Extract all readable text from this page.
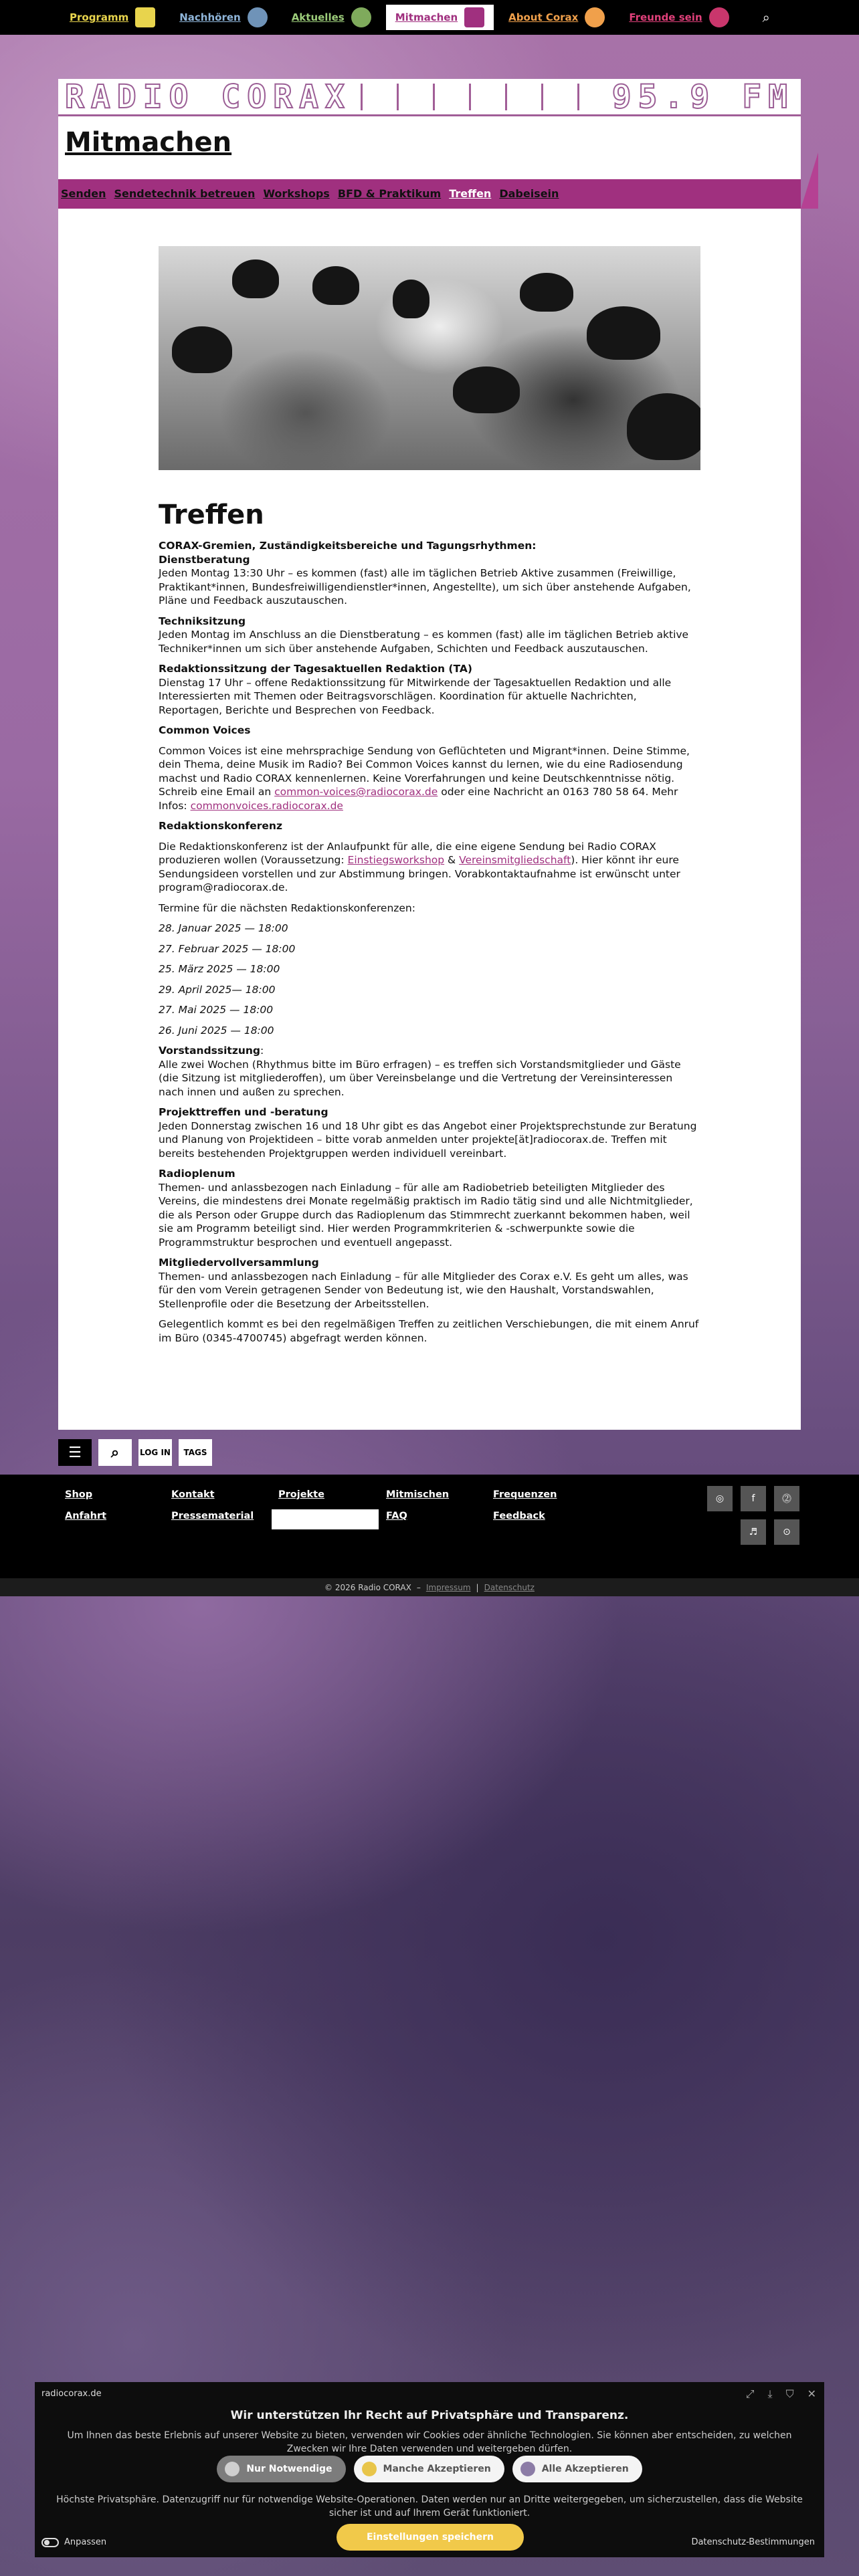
Programm	Nachhören	Aktuelles	Mitmachen	About Corax	Freunde sein	⌕
RADIO CORAX	95.9 FM
Mitmachen
Senden Sendetechnik betreuen Workshops BFD & Praktikum Treffen Dabeisein
Treffen
CORAX-Gremien, Zuständigkeitsbereiche und Tagungsrhythmen:
Dienstberatung
Jeden Montag 13:30 Uhr – es kommen (fast) alle im täglichen Betrieb Aktive zusammen (Freiwillige, Praktikant*innen, Bundesfreiwilligendienstler*innen, Angestellte), um sich über anstehende Aufgaben, Pläne und Feedback auszutauschen.
Techniksitzung
Jeden Montag im Anschluss an die Dienstberatung – es kommen (fast) alle im täglichen Betrieb aktive Techniker*innen um sich über anstehende Aufgaben, Schichten und Feedback auszutauschen.
Redaktionssitzung der Tagesaktuellen Redaktion (TA)
Dienstag 17 Uhr – offene Redaktionssitzung für Mitwirkende der Tagesaktuellen Redaktion und alle Interessierten mit Themen oder Beitragsvorschlägen. Koordination für aktuelle Nachrichten, Reportagen, Berichte und Besprechen von Feedback.
Common Voices
Common Voices ist eine mehrsprachige Sendung von Geflüchteten und Migrant*innen. Deine Stimme, dein Thema, deine Musik im Radio? Bei Common Voices kannst du lernen, wie du eine Radiosendung machst und Radio CORAX kennenlernen. Keine Vorerfahrungen und keine Deutschkenntnisse nötig. Schreib eine Email an common-voices@radiocorax.de oder eine Nachricht an 0163 780 58 64. Mehr Infos: commonvoices.radiocorax.de
Redaktionskonferenz

Die Redaktionskonferenz ist der Anlaufpunkt für alle, die eine eigene Sendung bei Radio CORAX produzieren wollen (Voraussetzung: Einstiegsworkshop & Vereinsmitgliedschaft). Hier könnt ihr eure Sendungsideen vorstellen und zur Abstimmung bringen. Vorabkontaktaufnahme ist erwünscht unter program@radiocorax.de.

Termine für die nächsten Redaktionskonferenzen:

28. Januar 2025 — 18:00
27. Februar 2025 — 18:00
25. März 2025 — 18:00
29. April 2025— 18:00
27. Mai 2025 — 18:00
26. Juni 2025 — 18:00
Vorstandssitzung:
Alle zwei Wochen (Rhythmus bitte im Büro erfragen) – es treffen sich Vorstandsmitglieder und Gäste (die Sitzung ist mitgliederoffen), um über Vereinsbelange und die Vertretung der Vereinsinteressen nach innen und außen zu sprechen.
Projekttreffen und -beratung
Jeden Donnerstag zwischen 16 und 18 Uhr gibt es das Angebot einer Projektsprechstunde zur Beratung und Planung von Projektideen – bitte vorab anmelden unter projekte[ät]radiocorax.de. Treffen mit bereits bestehenden Projektgruppen werden individuell vereinbart.
Radioplenum
Themen- und anlassbezogen nach Einladung – für alle am Radiobetrieb beteiligten Mitglieder des Vereins, die mindestens drei Monate regelmäßig praktisch im Radio tätig sind und alle Nichtmitglieder, die als Person oder Gruppe durch das Radioplenum das Stimmrecht zuerkannt bekommen haben, weil sie am Programm beteiligt sind. Hier werden Programmkriterien & -schwerpunkte sowie die Programmstruktur besprochen und eventuell angepasst.
Mitgliedervollversammlung
Themen- und anlassbezogen nach Einladung – für alle Mitglieder des Corax e.V. Es geht um alles, was für den vom Verein getragenen Sender von Bedeutung ist, wie den Haushalt, Vorstandswahlen, Stellenprofile oder die Besetzung der Arbeitsstellen.

Gelegentlich kommt es bei den regelmäßigen Treffen zu zeitlichen Verschiebungen, die mit einem Anruf im Büro (0345-4700745) abgefragt werden können.

☰	⌕	LOG IN	TAGS
Shop
Anfahrt
Kontakt
Pressematerial
Projekte	Mitmischen
FAQ
Frequenzen
Feedback
◎	f	⓶
♬	⊙
© 2026 Radio CORAX – Impressum | Datenschutz
radiocorax.de	⤢ ⤓ ⛉ ✕
Wir unterstützen Ihr Recht auf Privatsphäre und Transparenz.
Um Ihnen das beste Erlebnis auf unserer Website zu bieten, verwenden wir Cookies oder ähnliche Technologien. Sie können aber entscheiden, zu welchen Zwecken wir Ihre Daten verwenden und weitergeben dürfen.
Nur Notwendige	Manche Akzeptieren	Alle Akzeptieren
Höchste Privatsphäre. Datenzugriff nur für notwendige Website-Operationen. Daten werden nur an Dritte weitergegeben, um sicherzustellen, dass die Website sicher ist und auf Ihrem Gerät funktioniert.
Einstellungen speichern
Anpassen	Datenschutz-Bestimmungen
